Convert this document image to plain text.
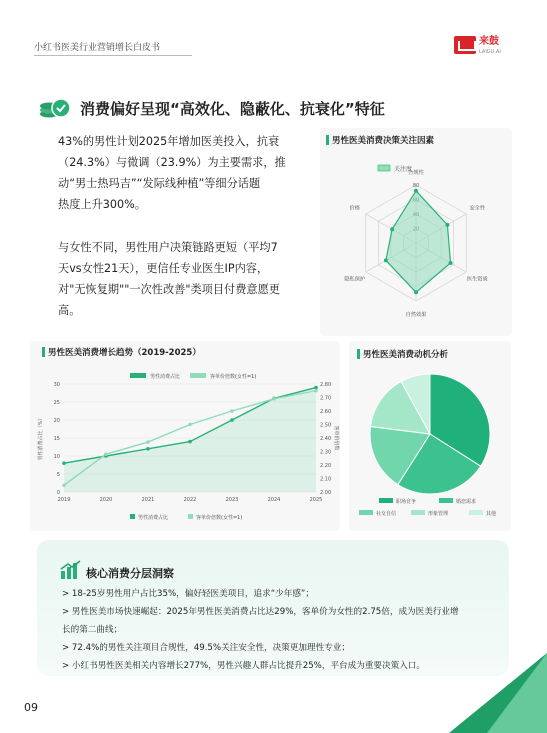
小红书医美行业营销增长白皮书
来鼓
LAIGU.AI
消费偏好呈现“高效化、隐蔽化、抗衰化”特征
43%的男性计划2025年增加医美投入，抗衰
（24.3%）与微调（23.9%）为主要需求，推
动“男士热玛吉”“发际线种植”等细分话题
热度上升300%。
与女性不同，男性用户决策链路更短（平均7
天vs女性21天），更信任专业医生IP内容，
对"无恢复期""一次性改善"类项目付费意愿更
高。
男性医美消费决策关注因素
关注度
合规性
安全性
医生资质
自然效果
隐私保护
价格
80
男性医美消费增长趋势（2019-2025）
男性消费占比	客单价倍数(女性=1)
30
25
20
15
10
5
0
2.80
2.70
2.60
2.50
2.40
2.30
2.20
2.10
2.00
2019	2020	2021	2022	2023	2024	2025
男性消费占比（%）	客单价倍数
男性消费占比	客单价倍数(女性=1)
男性医美消费动机分析
职场竞争	婚恋需求
社交自信	形象管理	其他
核心消费分层洞察
> 18-25岁男性用户占比35%，偏好轻医美项目，追求“少年感”；
> 男性医美市场快速崛起：2025年男性医美消费占比达29%，客单价为女性的2.75倍，成为医美行业增
长的第二曲线；
> 72.4%的男性关注项目合规性，49.5%关注安全性，决策更加理性专业；
> 小红书男性医美相关内容增长277%，男性兴趣人群占比提升25%，平台成为重要决策入口。
09
